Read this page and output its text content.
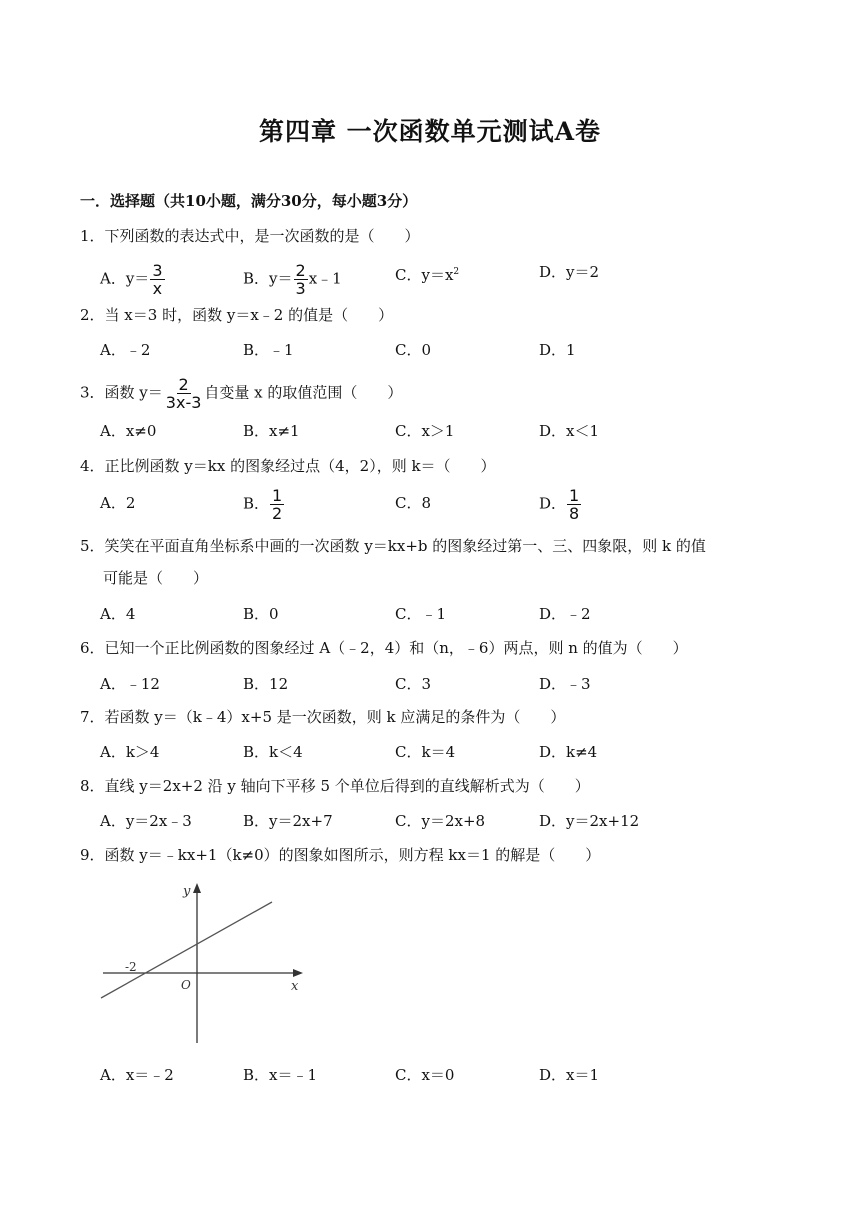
第四章 一次函数单元测试A卷
一．选择题（共10小题，满分30分，每小题3分）
1．下列函数的表达式中，是一次函数的是（　　）
A．$y= \frac{3}{x}$	B．$y= \frac{2}{3}$ x﹣1	C．$y=x^2$	D．y＝2
2．当 x＝3 时，函数 y＝x﹣2 的值是（　　）
A．﹣2	B．﹣1	C．0	D．1
3．函数 $y= \frac{2}{3x-3}$ 自变量 x 的取值范围（　　）
A．x≠0	B．x≠1	C．x＞1	D．x＜1
4．正比例函数 y＝kx 的图象经过点（4，2），则 k＝（　　）
A．2	B． $\frac{1}{2}$	C．8	D． $\frac{1}{8}$
5．笑笑在平面直角坐标系中画的一次函数 y＝kx+b 的图象经过第一、三、四象限，则 k 的值
可能是（　　）
A．4	B．0	C．﹣1	D．﹣2
6．已知一个正比例函数的图象经过 A（﹣2，4）和（n，﹣6）两点，则 n 的值为（　　）
A．﹣12	B．12	C．3	D．﹣3
7．若函数 y＝（k﹣4）x+5 是一次函数，则 k 应满足的条件为（　　）
A．k＞4	B．k＜4	C．k＝4	D．k≠4
8．直线 y＝2x+2 沿 y 轴向下平移 5 个单位后得到的直线解析式为（　　）
A．y＝2x﹣3	B．y＝2x+7	C．y＝2x+8	D．y＝2x+12
9．函数 y＝﹣kx+1（k≠0）的图象如图所示，则方程 kx＝1 的解是（　　）
y
x
O
-2
A．x＝﹣2	B．x＝﹣1	C．x＝0	D．x＝1
